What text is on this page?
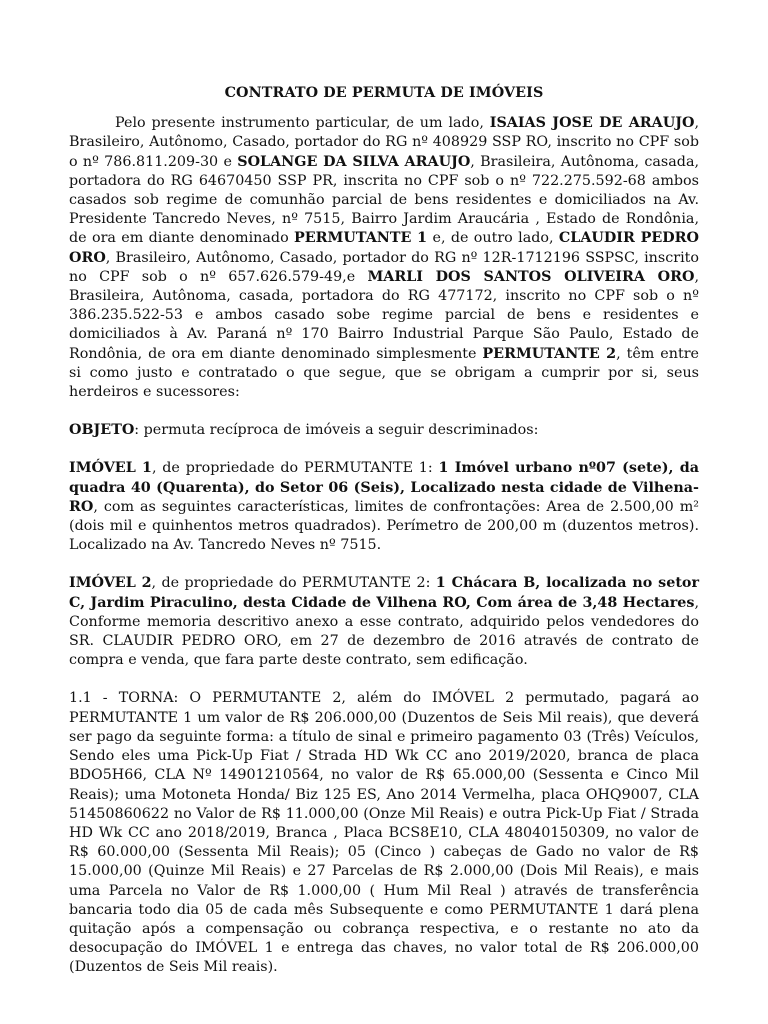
CONTRATO DE PERMUTA DE IMÓVEIS

Pelo presente instrumento particular, de um lado, ISAIAS JOSE DE ARAUJO, Brasileiro, Autônomo, Casado, portador do RG nº 408929 SSP RO, inscrito no CPF sob o nº 786.811.209-30 e SOLANGE DA SILVA ARAUJO, Brasileira, Autônoma, casada, portadora do RG 64670450 SSP PR, inscrita no CPF sob o nº 722.275.592-68 ambos casados sob regime de comunhão parcial de bens residentes e domiciliados na Av. Presidente Tancredo Neves, nº 7515, Bairro Jardim Araucária , Estado de Rondônia, de ora em diante denominado PERMUTANTE 1 e, de outro lado, CLAUDIR PEDRO ORO, Brasileiro, Autônomo, Casado, portador do RG nº 12R-1712196 SSPSC, inscrito no CPF sob o nº 657.626.579-49,e MARLI DOS SANTOS OLIVEIRA ORO, Brasileira, Autônoma, casada, portadora do RG 477172, inscrito no CPF sob o nº 386.235.522-53 e ambos casado sobe regime parcial de bens e residentes e domiciliados à Av. Paraná nº 170 Bairro Industrial Parque São Paulo, Estado de Rondônia, de ora em diante denominado simplesmente PERMUTANTE 2, têm entre si como justo e contratado o que segue, que se obrigam a cumprir por si, seus herdeiros e sucessores:

OBJETO: permuta recíproca de imóveis a seguir descriminados:

IMÓVEL 1, de propriedade do PERMUTANTE 1: 1 Imóvel urbano nº07 (sete), da quadra 40 (Quarenta), do Setor 06 (Seis), Localizado nesta cidade de Vilhena- RO, com as seguintes características, limites de confrontações: Area de 2.500,00 m² (dois mil e quinhentos metros quadrados). Perímetro de 200,00 m (duzentos metros). Localizado na Av. Tancredo Neves nº 7515.

IMÓVEL 2, de propriedade do PERMUTANTE 2: 1 Chácara B, localizada no setor C, Jardim Piraculino, desta Cidade de Vilhena RO, Com área de 3,48 Hectares, Conforme memoria descritivo anexo a esse contrato, adquirido pelos vendedores do SR. CLAUDIR PEDRO ORO, em 27 de dezembro de 2016 através de contrato de compra e venda, que fara parte deste contrato, sem edificação.

1.1 - TORNA: O PERMUTANTE 2, além do IMÓVEL 2 permutado, pagará ao PERMUTANTE 1 um valor de R$ 206.000,00 (Duzentos de Seis Mil reais), que deverá ser pago da seguinte forma: a título de sinal e primeiro pagamento 03 (Três) Veículos, Sendo eles uma Pick-Up Fiat / Strada HD Wk CC ano 2019/2020, branca de placa BDO5H66, CLA Nº 14901210564, no valor de R$ 65.000,00 (Sessenta e Cinco Mil Reais); uma Motoneta Honda/ Biz 125 ES, Ano 2014 Vermelha, placa OHQ9007, CLA 51450860622 no Valor de R$ 11.000,00 (Onze Mil Reais) e outra Pick-Up Fiat / Strada HD Wk CC ano 2018/2019, Branca , Placa BCS8E10, CLA 48040150309, no valor de R$ 60.000,00 (Sessenta Mil Reais); 05 (Cinco ) cabeças de Gado no valor de R$ 15.000,00 (Quinze Mil Reais) e 27 Parcelas de R$ 2.000,00 (Dois Mil Reais), e mais uma Parcela no Valor de R$ 1.000,00 ( Hum Mil Real ) através de transferência bancaria todo dia 05 de cada mês Subsequente e como PERMUTANTE 1 dará plena quitação após a compensação ou cobrança respectiva, e o restante no ato da desocupação do IMÓVEL 1 e entrega das chaves, no valor total de R$ 206.000,00 (Duzentos de Seis Mil reais).
